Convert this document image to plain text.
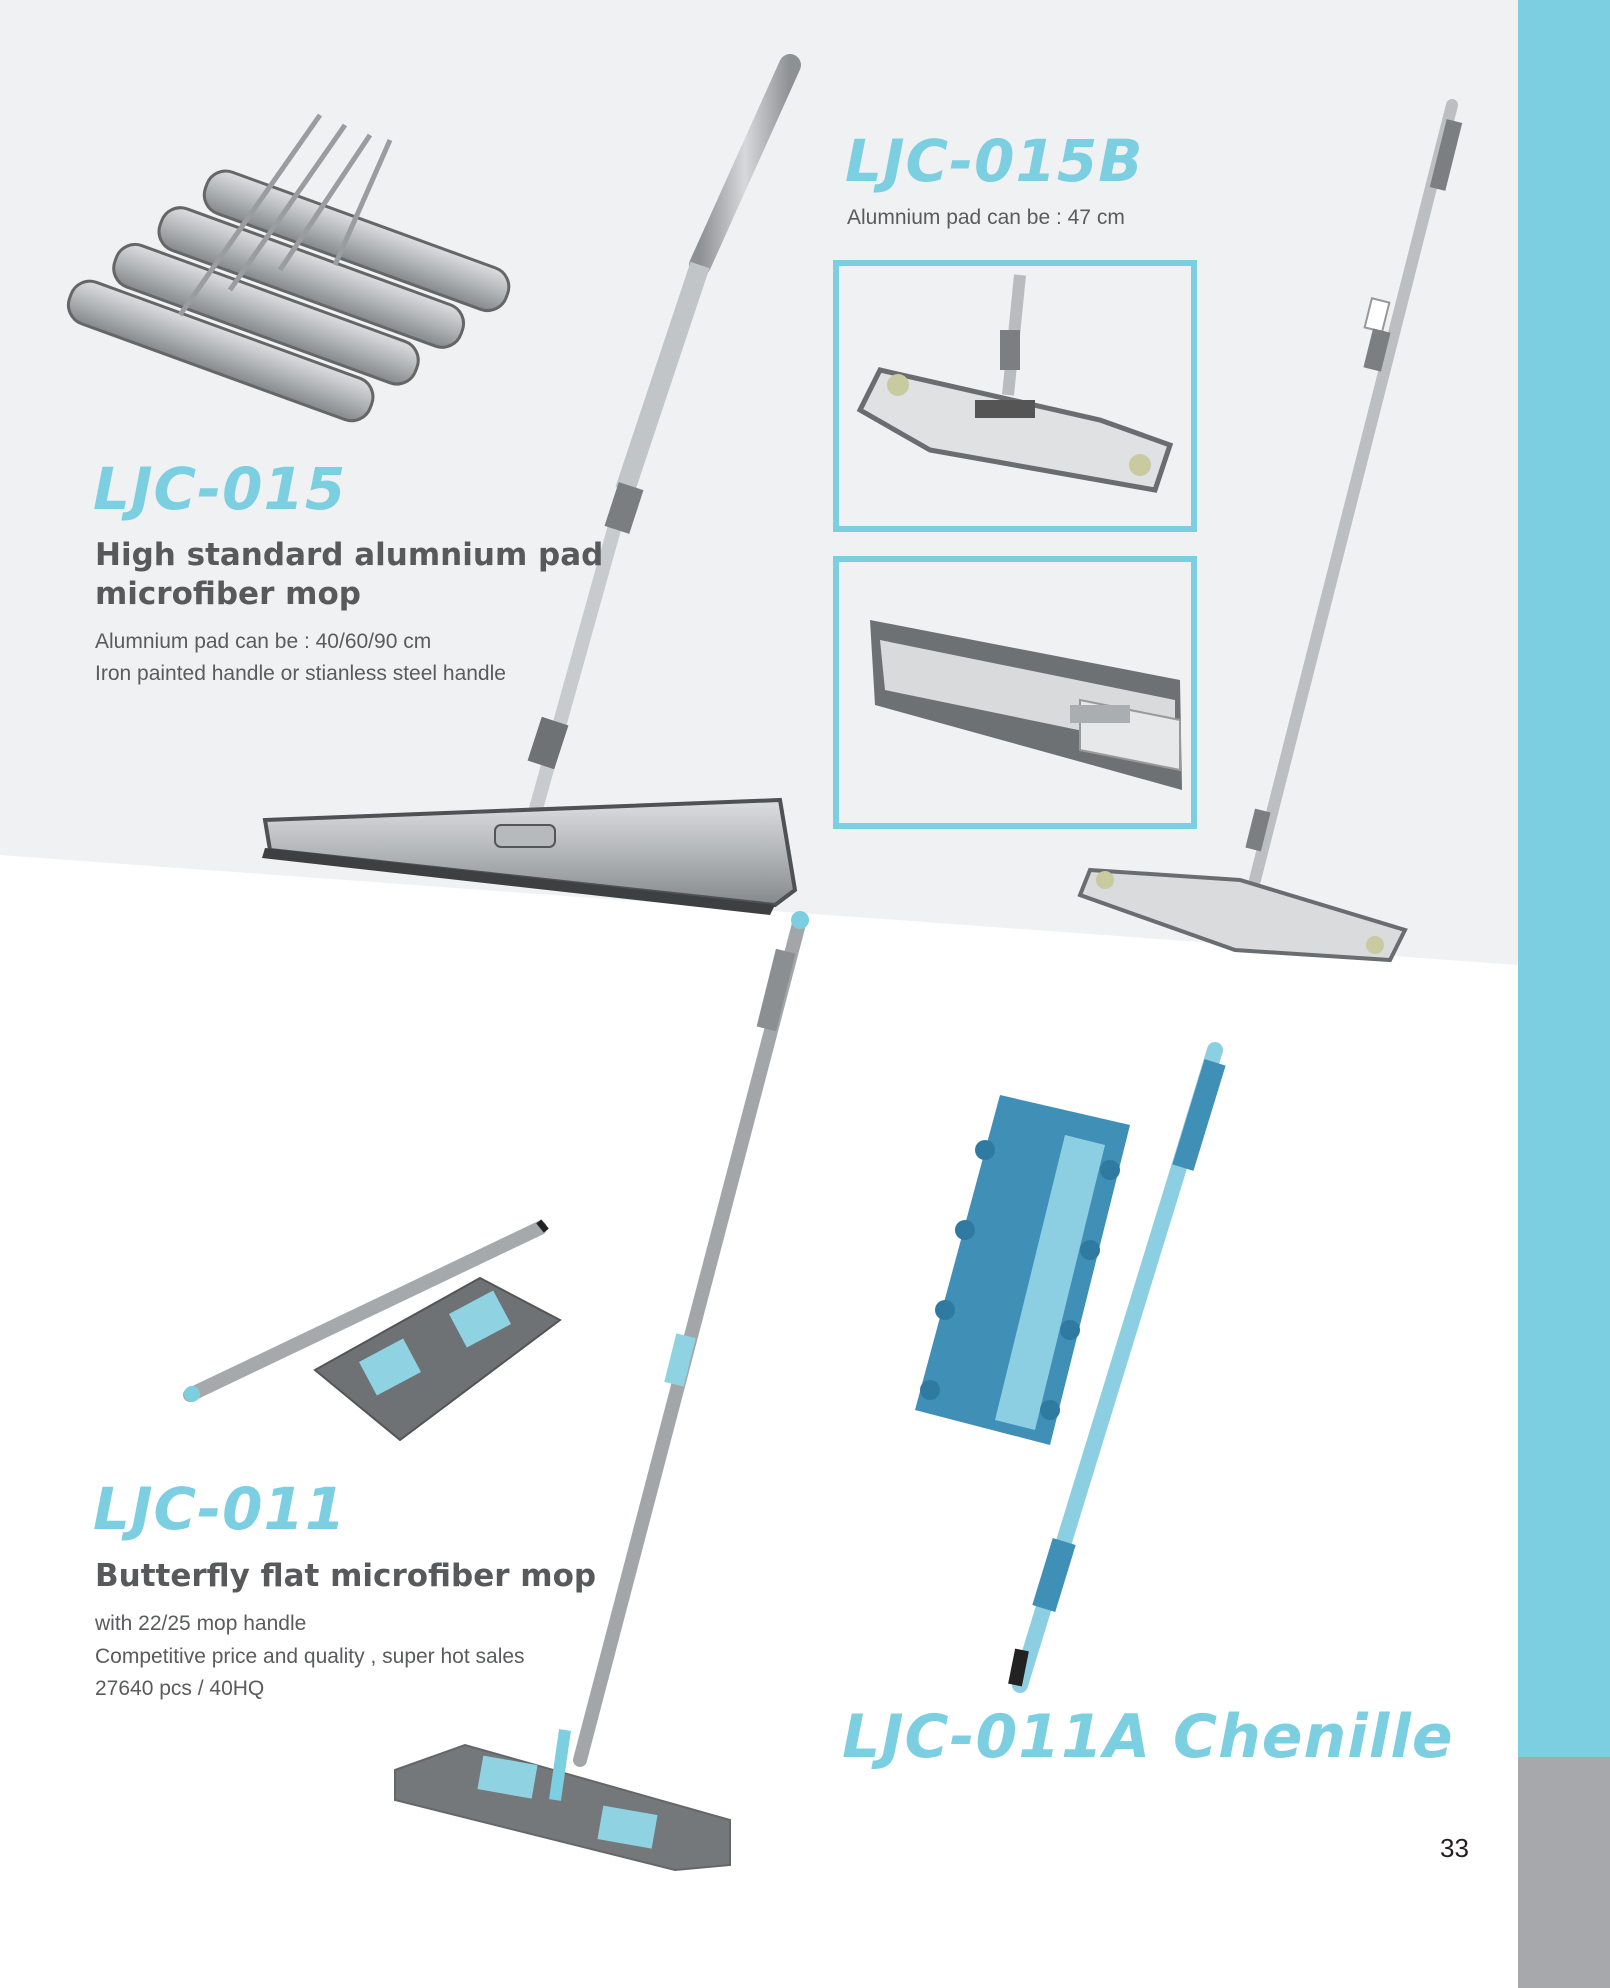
LJC-015
High standard alumnium pad
microfiber mop
Alumnium pad can be : 40/60/90 cm
Iron painted handle or stianless steel handle
LJC-015B
Alumnium pad can be : 47 cm
LJC-011
Butterfly flat microfiber mop
with 22/25 mop handle
Competitive price and quality , super hot sales
27640 pcs / 40HQ
LJC-011A Chenille
33
